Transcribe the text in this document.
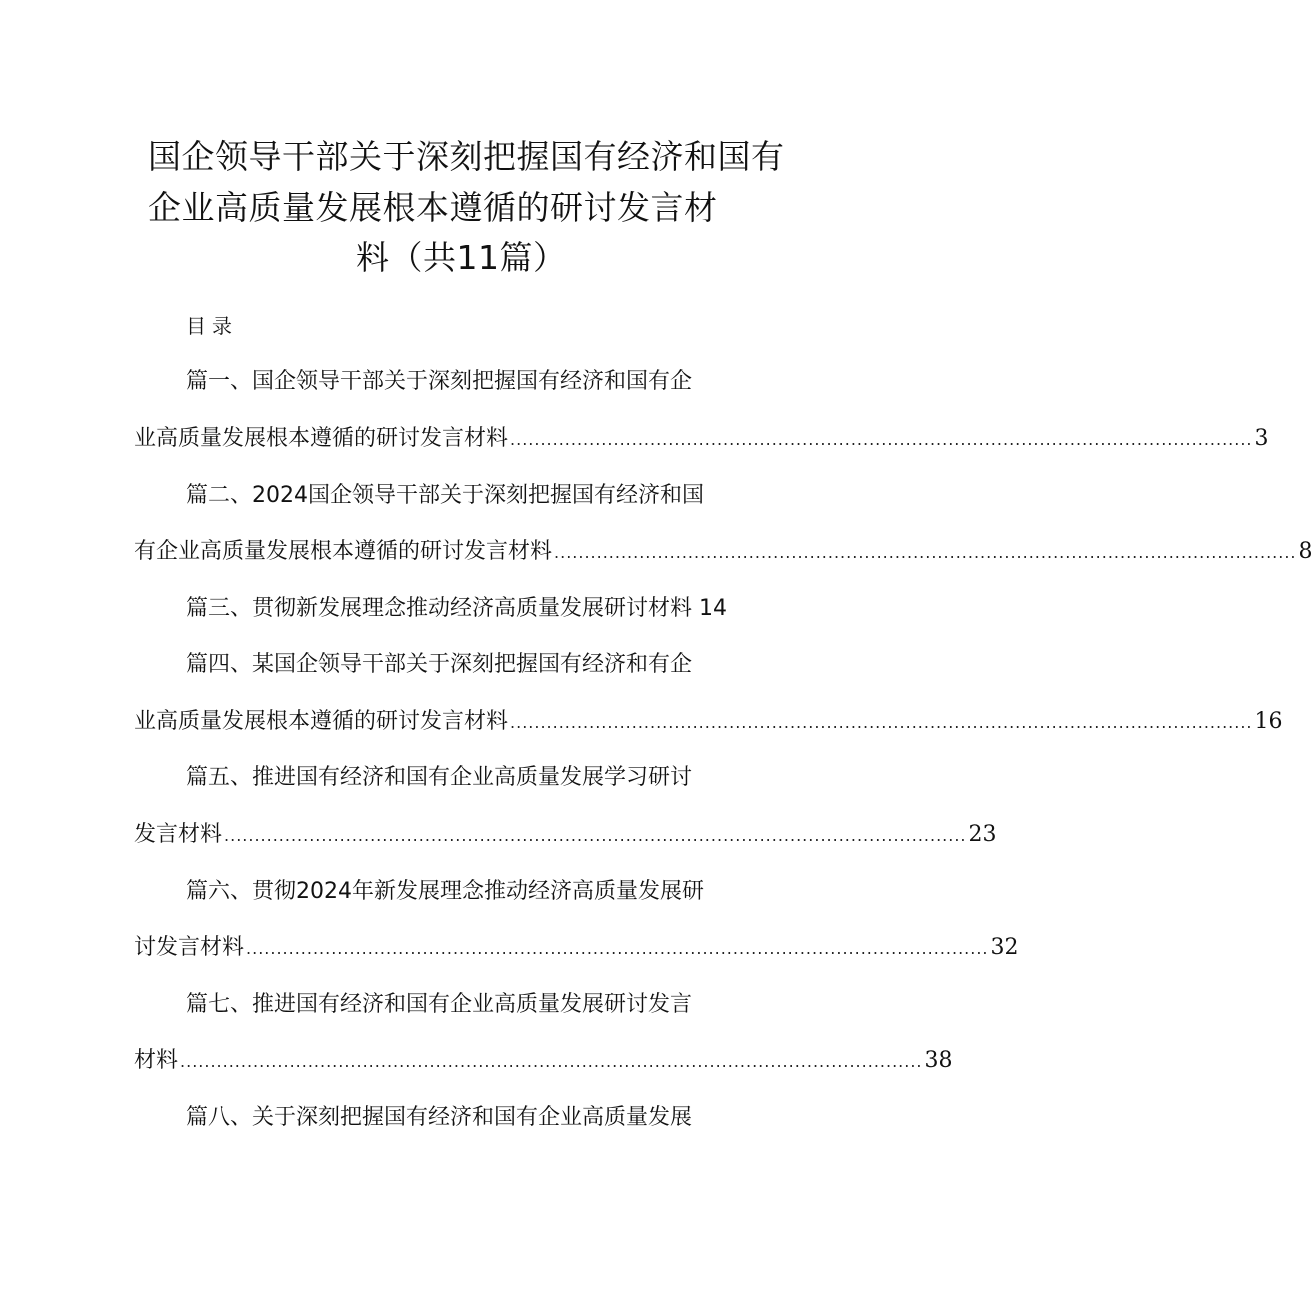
国企领导干部关于深刻把握国有经济和国有
企业高质量发展根本遵循的研讨发言材
料（共11篇）
目录
篇一、国企领导干部关于深刻把握国有经济和国有企
业高质量发展根本遵循的研讨发言材料 .......................................................................................................................... 3
篇二、2024国企领导干部关于深刻把握国有经济和国
有企业高质量发展根本遵循的研讨发言材料 .......................................................................................................................... 8
篇三、贯彻新发展理念推动经济高质量发展研讨材料 14
篇四、某国企领导干部关于深刻把握国有经济和有企
业高质量发展根本遵循的研讨发言材料 .......................................................................................................................... 16
篇五、推进国有经济和国有企业高质量发展学习研讨
发言材料 .......................................................................................................................... 23
篇六、贯彻2024年新发展理念推动经济高质量发展研
讨发言材料 .......................................................................................................................... 32
篇七、推进国有经济和国有企业高质量发展研讨发言
材料 .......................................................................................................................... 38
篇八、关于深刻把握国有经济和国有企业高质量发展
